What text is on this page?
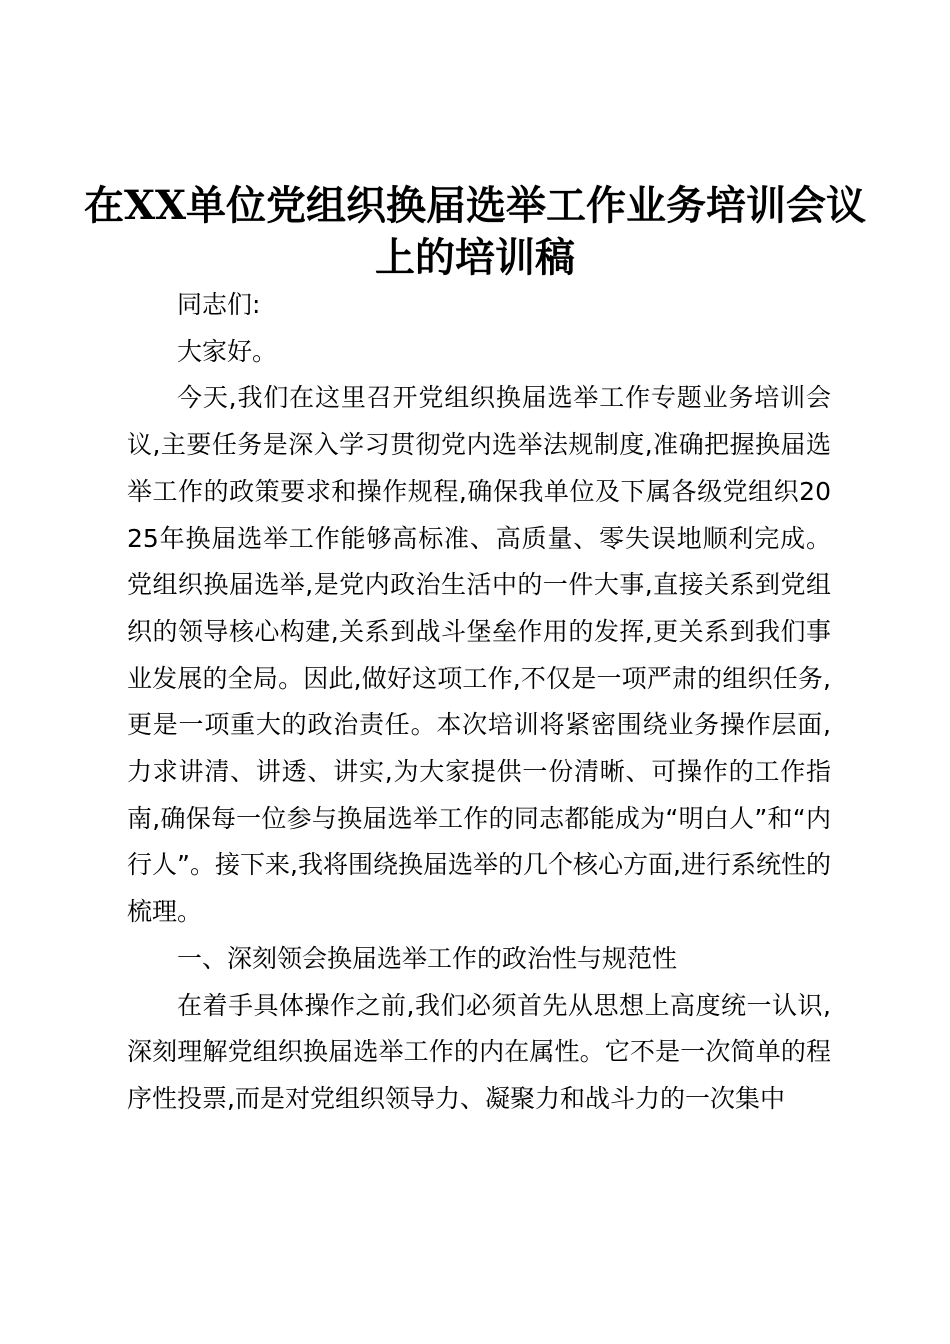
在XX单位党组织换届选举工作业务培训会议上的培训稿

同志们:

大家好。

今天,我们在这里召开党组织换届选举工作专题业务培训会议,主要任务是深入学习贯彻党内选举法规制度,准确把握换届选举工作的政策要求和操作规程,确保我单位及下属各级党组织2025年换届选举工作能够高标准、高质量、零失误地顺利完成。党组织换届选举,是党内政治生活中的一件大事,直接关系到党组织的领导核心构建,关系到战斗堡垒作用的发挥,更关系到我们事业发展的全局。因此,做好这项工作,不仅是一项严肃的组织任务,更是一项重大的政治责任。本次培训将紧密围绕业务操作层面,力求讲清、讲透、讲实,为大家提供一份清晰、可操作的工作指南,确保每一位参与换届选举工作的同志都能成为“明白人”和“内行人”。接下来,我将围绕换届选举的几个核心方面,进行系统性的梳理。

一、深刻领会换届选举工作的政治性与规范性

在着手具体操作之前,我们必须首先从思想上高度统一认识,深刻理解党组织换届选举工作的内在属性。它不是一次简单的程序性投票,而是对党组织领导力、凝聚力和战斗力的一次集中
